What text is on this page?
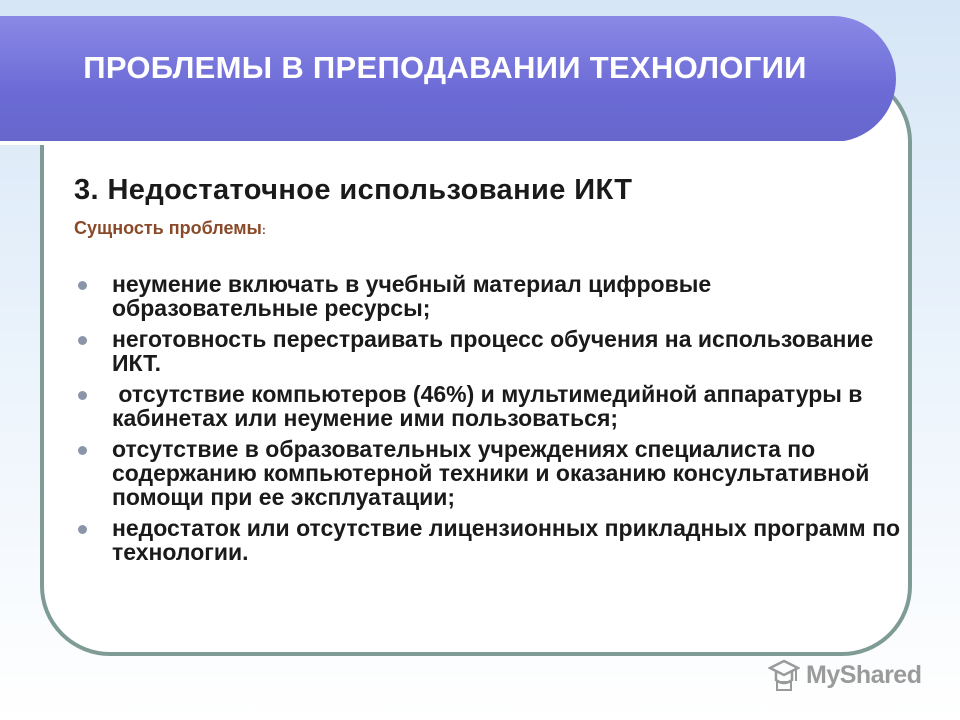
ПРОБЛЕМЫ В ПРЕПОДАВАНИИ ТЕХНОЛОГИИ
3. Недостаточное использование ИКТ
Сущность проблемы:
неумение включать в учебный материал цифровые образовательные ресурсы;
неготовность перестраивать процесс обучения на использование ИКТ.
отсутствие компьютеров (46%) и мультимедийной аппаратуры в кабинетах или неумение ими пользоваться;
отсутствие в образовательных учреждениях специалиста по содержанию компьютерной техники и оказанию консультативной помощи при ее эксплуатации;
недостаток или отсутствие лицензионных прикладных программ по технологии.
MyShared
